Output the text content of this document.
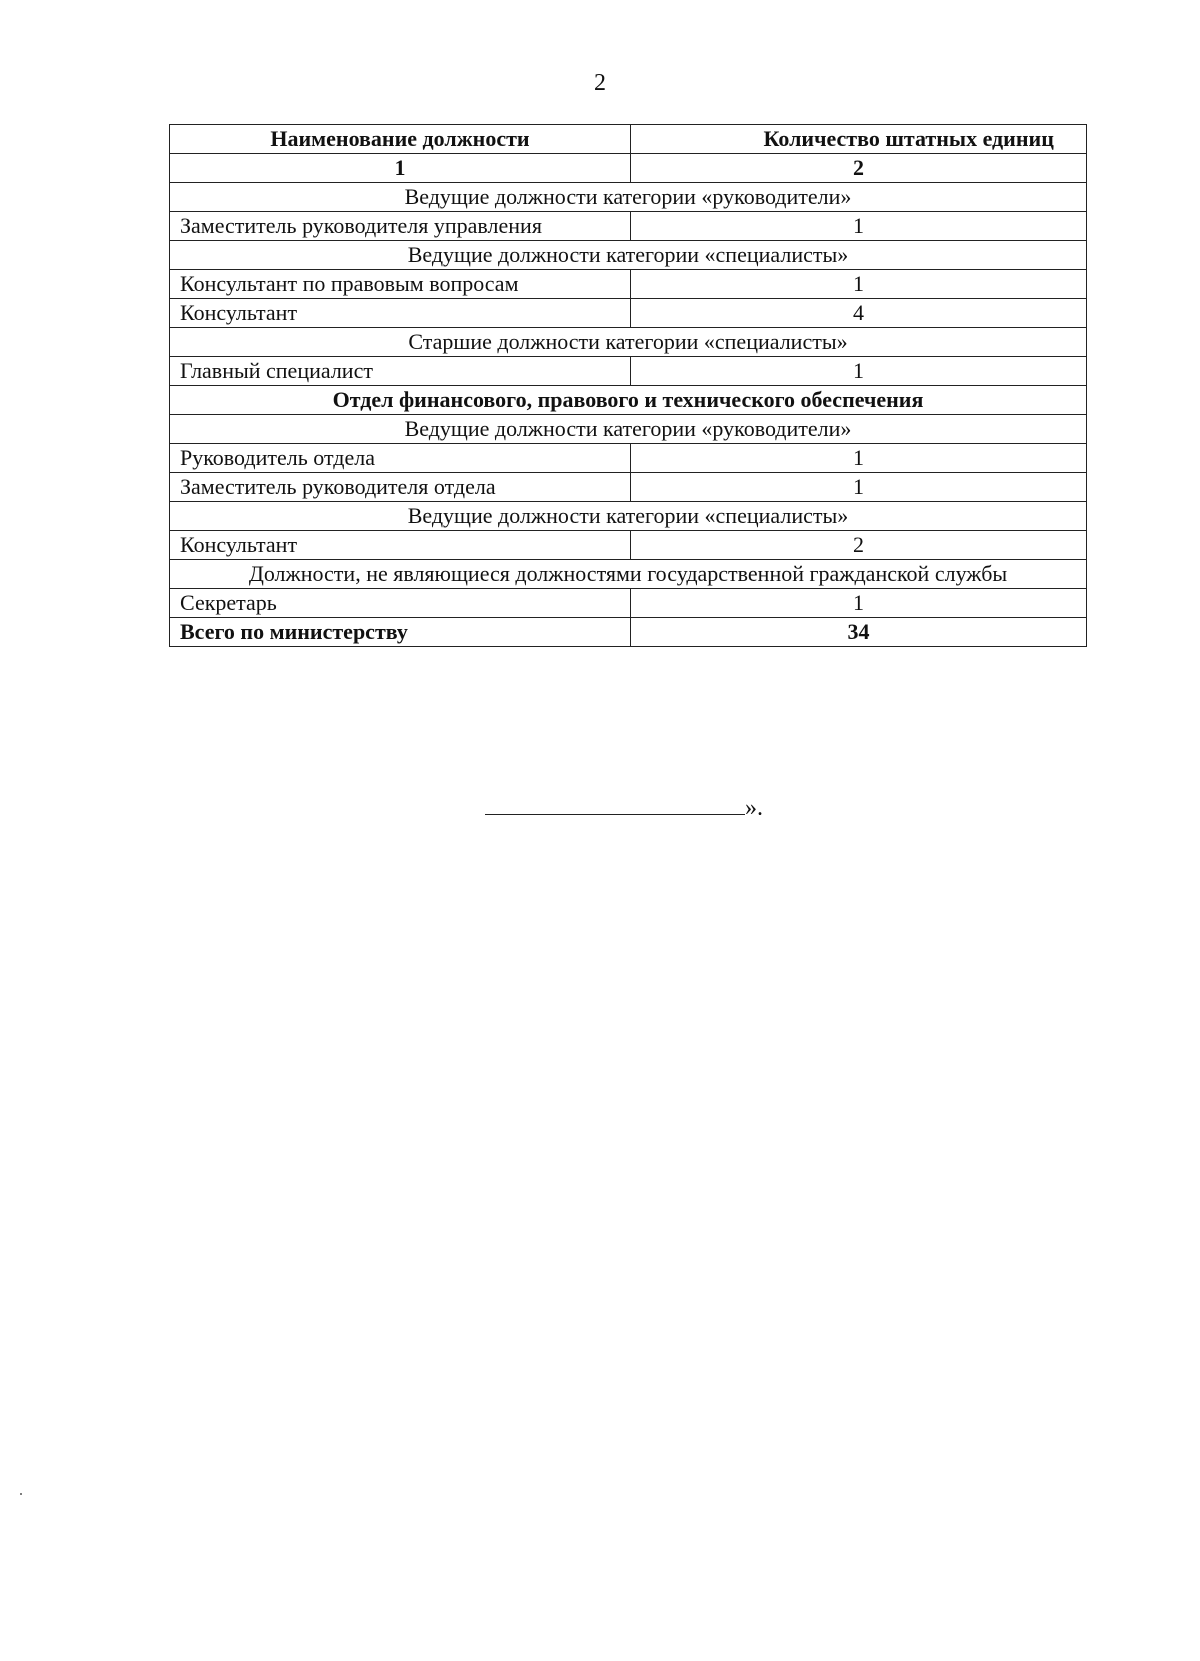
2
Наименование должности	Количество штатных единиц
1	2
Ведущие должности категории «руководители»	
Заместитель руководителя управления	1
Ведущие должности категории «специалисты»	
Консультант по правовым вопросам	1
Консультант	4
Старшие должности категории «специалисты»	
Главный специалист	1
Отдел финансового, правового и технического обеспечения	
Ведущие должности категории «руководители»	
Руководитель отдела	1
Заместитель руководителя отдела	1
Ведущие должности категории «специалисты»	
Консультант	2
Должности, не являющиеся должностями государственной гражданской службы	
Секретарь	1
Всего по министерству	34
».
